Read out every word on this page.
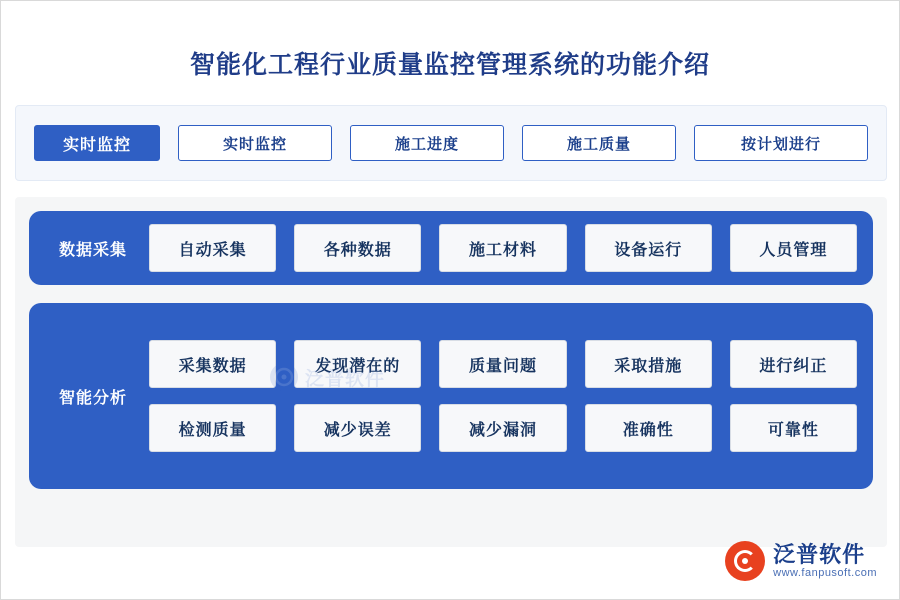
智能化工程行业质量监控管理系统的功能介绍
实时监控	实时监控	施工进度	施工质量	按计划进行
数据采集	自动采集	各种数据	施工材料	设备运行	人员管理
智能分析
采集数据	发现潜在的	质量问题	采取措施	进行纠正
检测质量	减少误差	减少漏洞	准确性	可靠性
泛普软件
www.fanpusoft.com
